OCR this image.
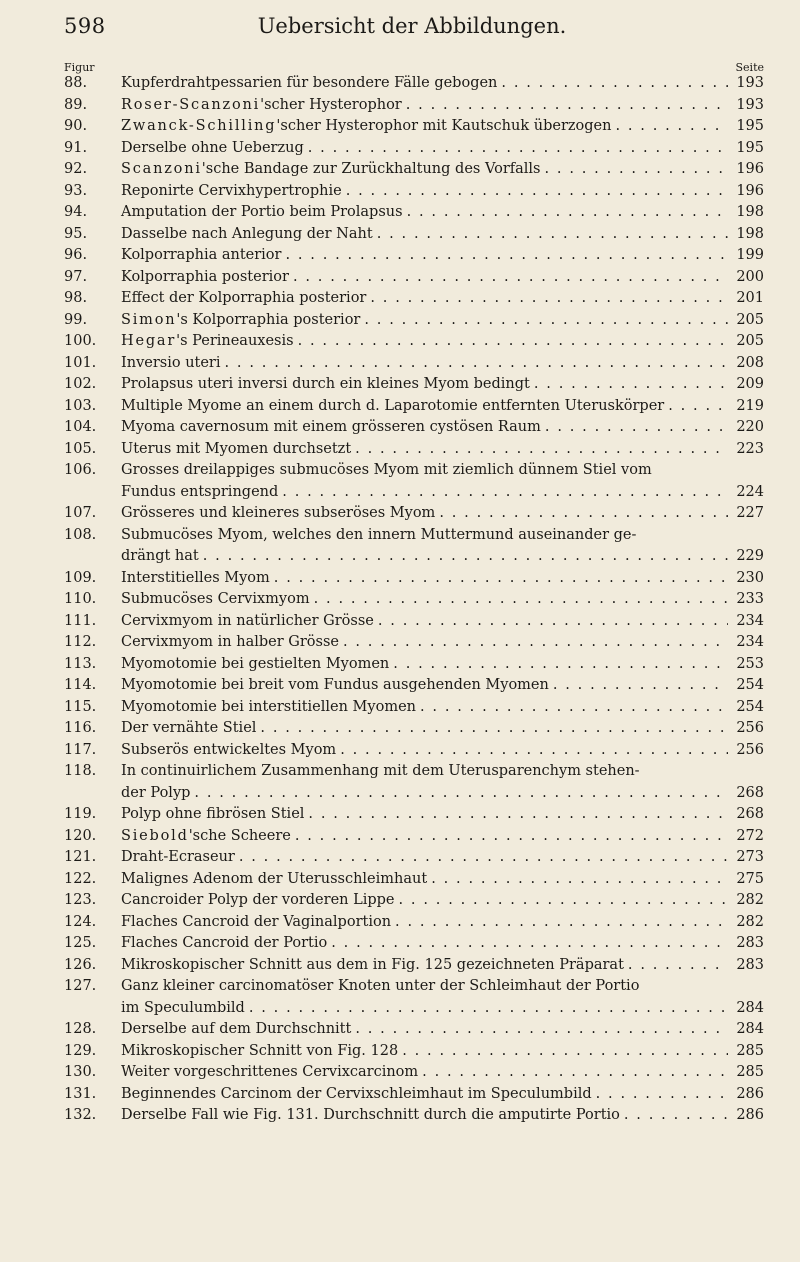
598	Uebersicht der Abbildungen.
Figur	Seite
88.	Kupferdrahtpessarien für besondere Fälle gebogen . . .	193
89.	Roser-Scanzoni'scher Hysterophor . . .	193
90.	Zwanck-Schilling'scher Hysterophor mit Kautschuk überzogen . . .	195
91.	Derselbe ohne Ueberzug . . .	195
92.	Scanzoni'sche Bandage zur Zurückhaltung des Vorfalls . . .	196
93.	Reponirte Cervixhypertrophie . . .	196
94.	Amputation der Portio beim Prolapsus . . .	198
95.	Dasselbe nach Anlegung der Naht . . .	198
96.	Kolporraphia anterior . . .	199
97.	Kolporraphia posterior . . .	200
98.	Effect der Kolporraphia posterior . . .	201
99.	Simon's Kolporraphia posterior . . .	205
100. Hegar's Perineauxesis . . .	205
101. Inversio uteri . . .	208
102. Prolapsus uteri inversi durch ein kleines Myom bedingt . . .	209
103. Multiple Myome an einem durch d. Laparotomie entfernten Uteruskörper . . .	219
104. Myoma cavernosum mit einem grösseren cystösen Raum . . .	220
105. Uterus mit Myomen durchsetzt . . .	223
106. Grosses dreilappiges submucöses Myom mit ziemlich dünnem Stiel vom
Fundus entspringend . . .	224
107. Grösseres und kleineres subseröses Myom . . .	227
108. Submucöses Myom, welches den innern Muttermund auseinander ge-
drängt hat . . .	229
109. Interstitielles Myom . . .	230
110. Submucöses Cervixmyom . . .	233
111. Cervixmyom in natürlicher Grösse . . .	234
112. Cervixmyom in halber Grösse . . .	234
113. Myomotomie bei gestielten Myomen . . .	253
114. Myomotomie bei breit vom Fundus ausgehenden Myomen . . .	254
115. Myomotomie bei interstitiellen Myomen . . .	254
116. Der vernähte Stiel . . .	256
117. Subserös entwickeltes Myom . . .	256
118. In continuirlichem Zusammenhang mit dem Uterusparenchym stehen-
der Polyp . . .	268
119. Polyp ohne fibrösen Stiel . . .	268
120. Siebold'sche Scheere . . .	272
121. Draht-Ecraseur . . .	273
122. Malignes Adenom der Uterusschleimhaut . . .	275
123. Cancroider Polyp der vorderen Lippe . . .	282
124. Flaches Cancroid der Vaginalportion . . .	282
125. Flaches Cancroid der Portio . . .	283
126. Mikroskopischer Schnitt aus dem in Fig. 125 gezeichneten Präparat . . .	283
127. Ganz kleiner carcinomatöser Knoten unter der Schleimhaut der Portio
im Speculumbild . . .	284
128. Derselbe auf dem Durchschnitt . . .	284
129. Mikroskopischer Schnitt von Fig. 128 . . .	285
130. Weiter vorgeschrittenes Cervixcarcinom . . .	285
131. Beginnendes Carcinom der Cervixschleimhaut im Speculumbild . . .	286
132. Derselbe Fall wie Fig. 131. Durchschnitt durch die amputirte Portio . . .	286
